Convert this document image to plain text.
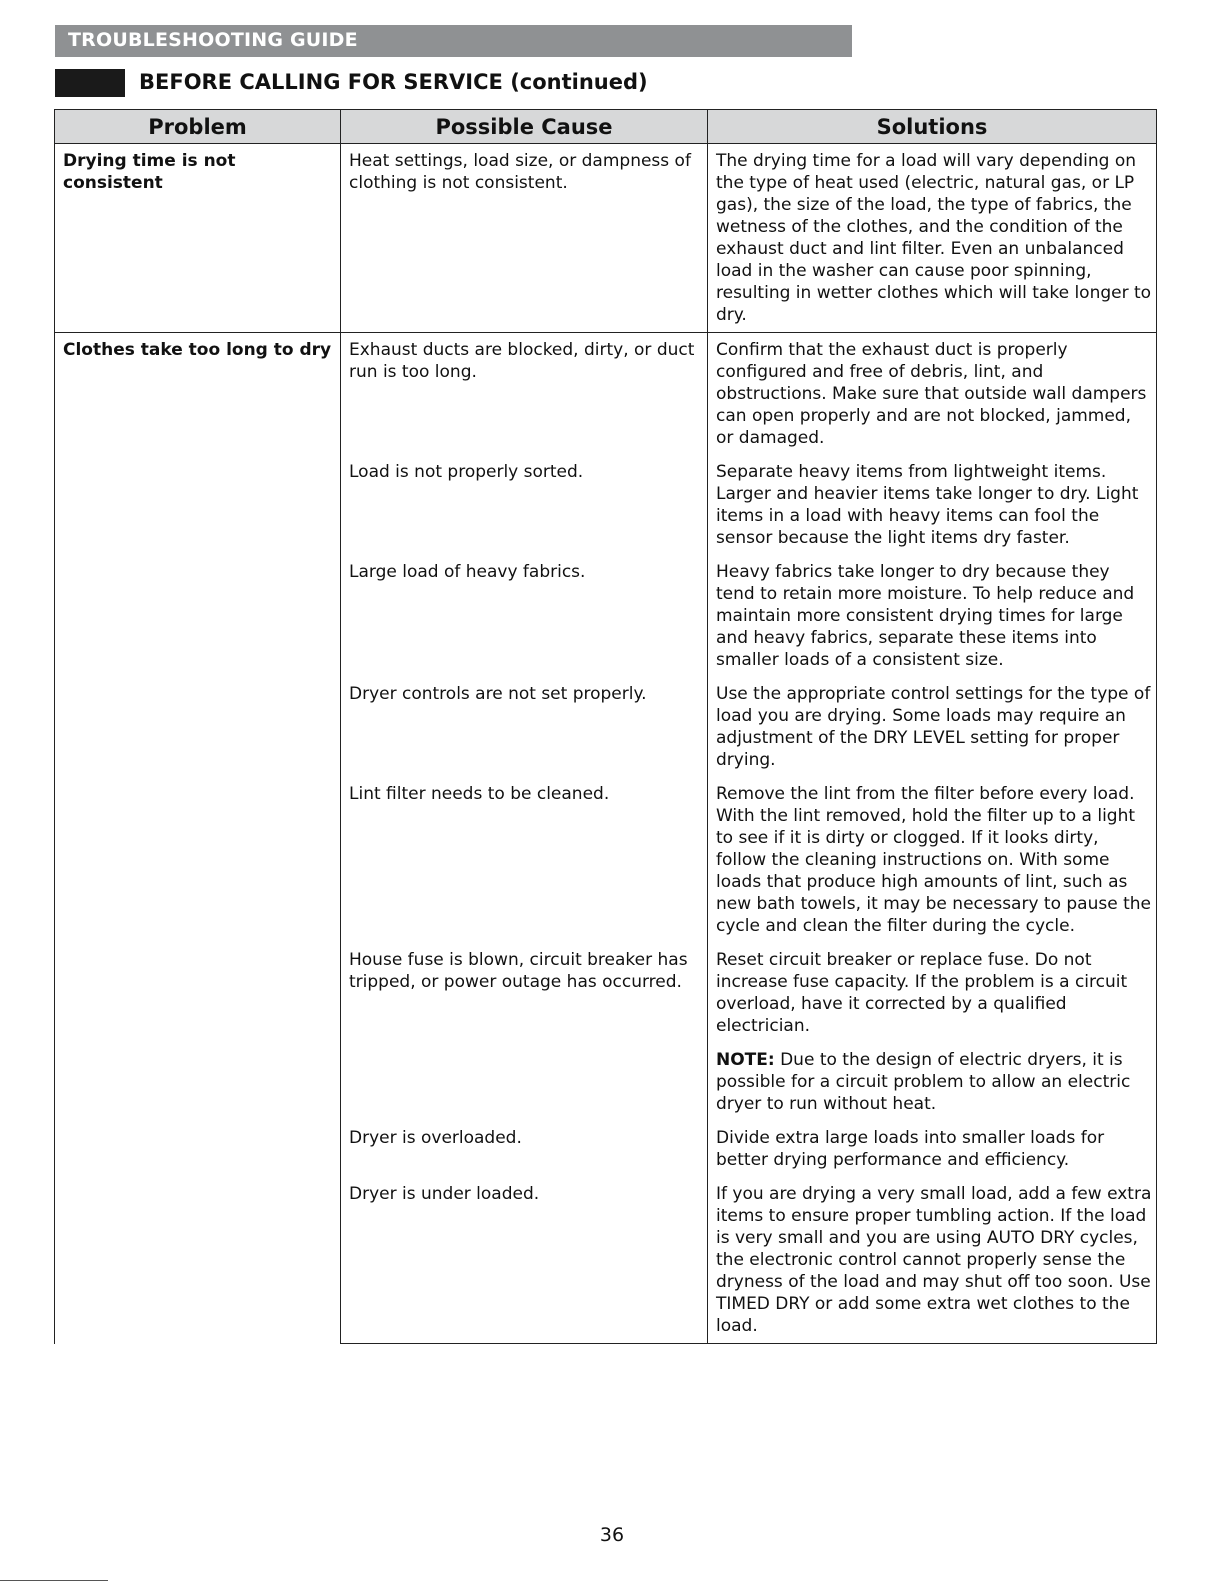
TROUBLESHOOTING GUIDE
BEFORE CALLING FOR SERVICE (continued)
Problem	Possible Cause	Solutions
Drying time is not consistent	Heat settings, load size, or dampness of clothing is not consistent.	The drying time for a load will vary depending on the type of heat used (electric, natural gas, or LP gas), the size of the load, the type of fabrics, the wetness of the clothes, and the condition of the exhaust duct and lint filter. Even an unbalanced load in the washer can cause poor spinning, resulting in wetter clothes which will take longer to dry.
Clothes take too long to dry	Exhaust ducts are blocked, dirty, or duct run is too long.	Confirm that the exhaust duct is properly configured and free of debris, lint, and obstructions. Make sure that outside wall dampers can open properly and are not blocked, jammed, or damaged.
	Load is not properly sorted.	Separate heavy items from lightweight items. Larger and heavier items take longer to dry. Light items in a load with heavy items can fool the sensor because the light items dry faster.
	Large load of heavy fabrics.	Heavy fabrics take longer to dry because they tend to retain more moisture. To help reduce and maintain more consistent drying times for large and heavy fabrics, separate these items into smaller loads of a consistent size.
	Dryer controls are not set properly.	Use the appropriate control settings for the type of load you are drying. Some loads may require an adjustment of the DRY LEVEL setting for proper drying.
	Lint filter needs to be cleaned.	Remove the lint from the filter before every load. With the lint removed, hold the filter up to a light to see if it is dirty or clogged. If it looks dirty, follow the cleaning instructions on. With some loads that produce high amounts of lint, such as new bath towels, it may be necessary to pause the cycle and clean the filter during the cycle.
	House fuse is blown, circuit breaker has tripped, or power outage has occurred.	Reset circuit breaker or replace fuse. Do not increase fuse capacity. If the problem is a circuit overload, have it corrected by a qualified electrician.
		NOTE: Due to the design of electric dryers, it is possible for a circuit problem to allow an electric dryer to run without heat.
	Dryer is overloaded.	Divide extra large loads into smaller loads for better drying performance and efficiency.
	Dryer is under loaded.	If you are drying a very small load, add a few extra items to ensure proper tumbling action. If the load is very small and you are using AUTO DRY cycles, the electronic control cannot properly sense the dryness of the load and may shut off too soon. Use TIMED DRY or add some extra wet clothes to the load.
36
